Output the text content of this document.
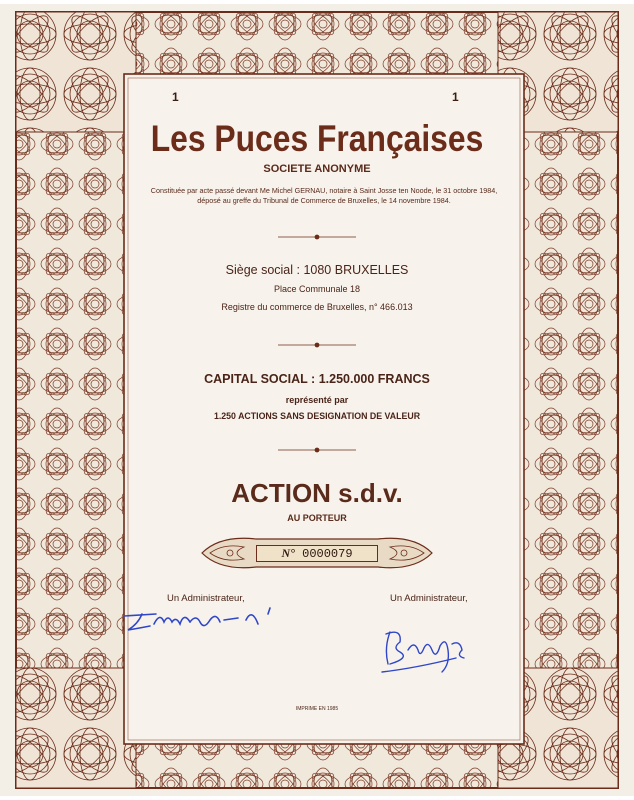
1	1
Les Puces Françaises
SOCIETE ANONYME
Constituée par acte passé devant Me Michel GERNAU, notaire à Saint Josse ten Noode, le 31 octobre 1984, déposé au greffe du Tribunal de Commerce de Bruxelles, le 14 novembre 1984.
Siège social : 1080 BRUXELLES
Place Communale 18
Registre du commerce de Bruxelles, n° 466.013
CAPITAL SOCIAL : 1.250.000 FRANCS
représenté par
1.250 ACTIONS SANS DESIGNATION DE VALEUR
ACTION s.d.v.
AU PORTEUR
N° 0000079
Un Administrateur,	Un Administrateur,
IMPRIME EN 1985
